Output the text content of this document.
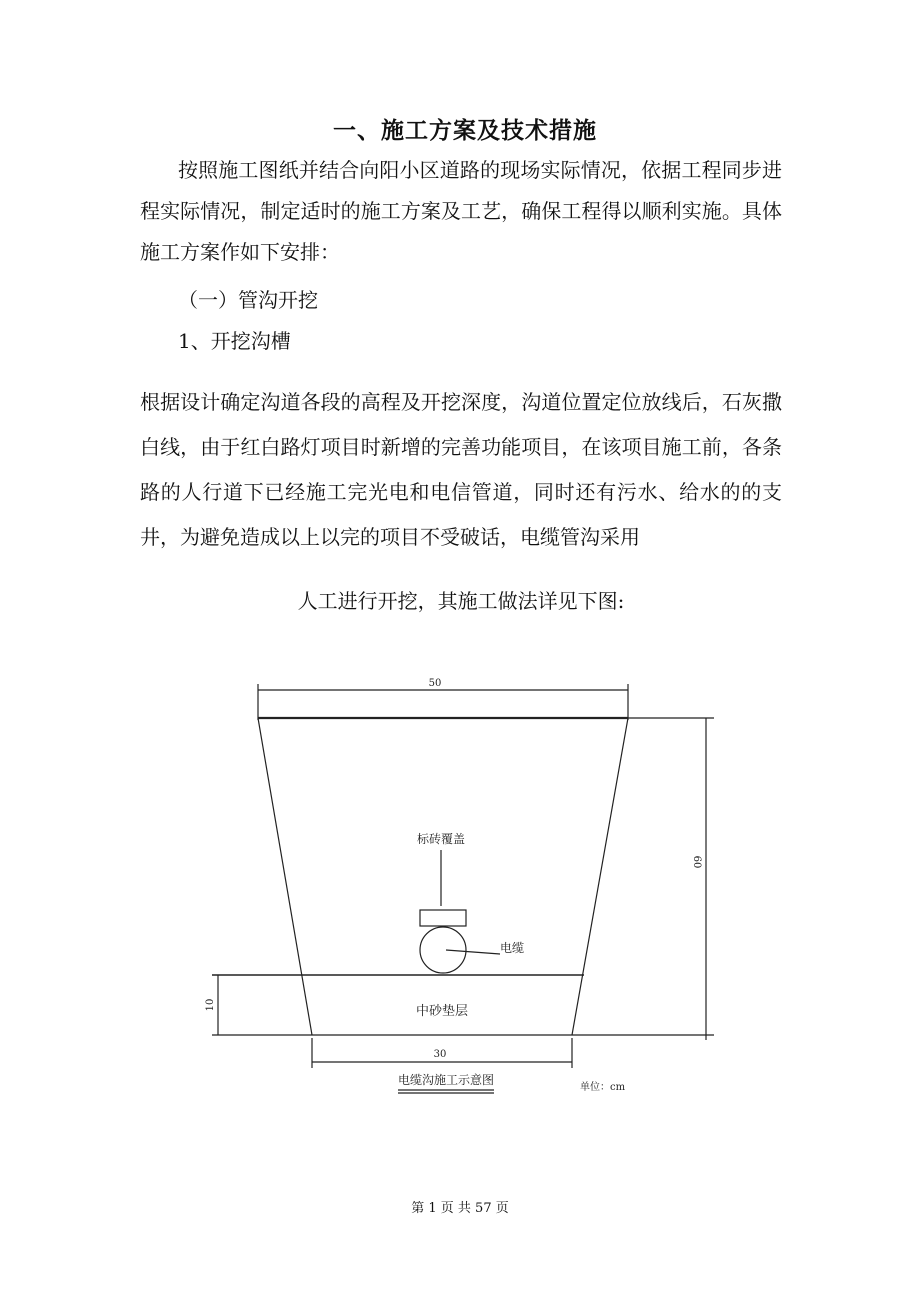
一、施工方案及技术措施
按照施工图纸并结合向阳小区道路的现场实际情况，依据工程同步进程实际情况，制定适时的施工方案及工艺，确保工程得以顺利实施。具体施工方案作如下安排：
（一）管沟开挖
1、开挖沟槽
根据设计确定沟道各段的高程及开挖深度，沟道位置定位放线后，石灰撒白线，由于红白路灯项目时新增的完善功能项目，在该项目施工前，各条路的人行道下已经施工完光电和电信管道，同时还有污水、给水的的支井，为避免造成以上以完的项目不受破话，电缆管沟采用
人工进行开挖，其施工做法详见下图:
50
60
10
30
标砖覆盖
电缆
中砂垫层
电缆沟施工示意图
单位：cm
第 1 页 共 57 页
